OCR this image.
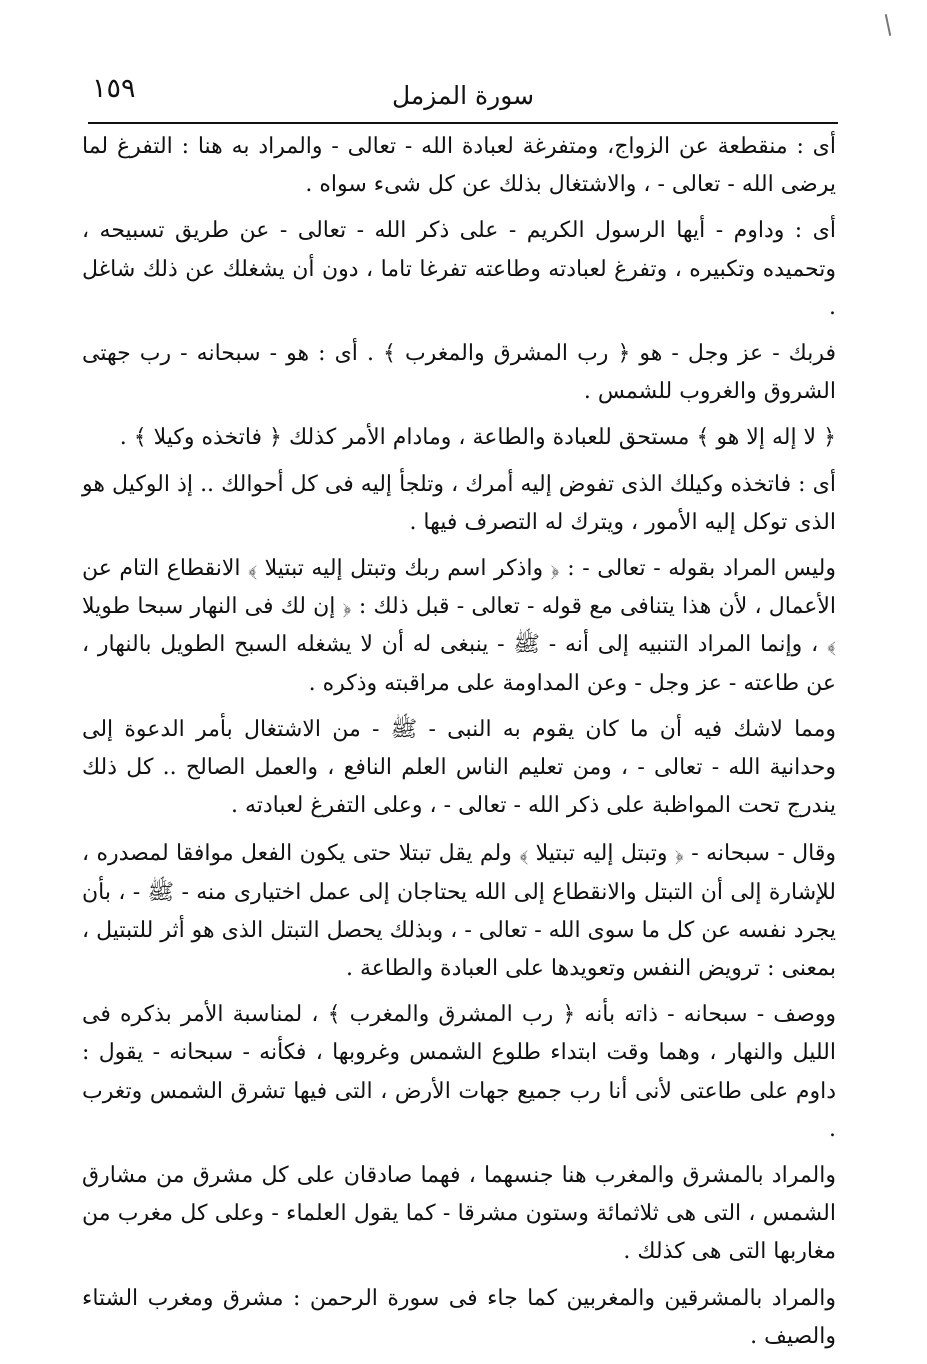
١٥٩	سورة المزمل

أى : منقطعة عن الزواج، ومتفرغة لعبادة الله - تعالى - والمراد به هنا : التفرغ لما يرضى الله - تعالى - ، والاشتغال بذلك عن كل شىء سواه .

أى : وداوم - أيها الرسول الكريم - على ذكر الله - تعالى - عن طريق تسبيحه ، وتحميده وتكبيره ، وتفرغ لعبادته وطاعته تفرغا تاما ، دون أن يشغلك عن ذلك شاغل .

فربك - عز وجل - هو ﴿ رب المشرق والمغرب ﴾ . أى : هو - سبحانه - رب جهتى الشروق والغروب للشمس .

﴿ لا إله إلا هو ﴾ مستحق للعبادة والطاعة ، ومادام الأمر كذلك ﴿ فاتخذه وكيلا ﴾ .

أى : فاتخذه وكيلك الذى تفوض إليه أمرك ، وتلجأ إليه فى كل أحوالك .. إذ الوكيل هو الذى توكل إليه الأمور ، ويترك له التصرف فيها .

وليس المراد بقوله - تعالى - : ﴿ واذكر اسم ربك وتبتل إليه تبتيلا ﴾ الانقطاع التام عن الأعمال ، لأن هذا يتنافى مع قوله - تعالى - قبل ذلك : ﴿ إن لك فى النهار سبحا طويلا ﴾ ، وإنما المراد التنبيه إلى أنه - ﷺ - ينبغى له أن لا يشغله السبح الطويل بالنهار ، عن طاعته - عز وجل - وعن المداومة على مراقبته وذكره .

ومما لاشك فيه أن ما كان يقوم به النبى - ﷺ - من الاشتغال بأمر الدعوة إلى وحدانية الله - تعالى - ، ومن تعليم الناس العلم النافع ، والعمل الصالح .. كل ذلك يندرج تحت المواظبة على ذكر الله - تعالى - ، وعلى التفرغ لعبادته .

وقال - سبحانه - ﴿ وتبتل إليه تبتيلا ﴾ ولم يقل تبتلا حتى يكون الفعل موافقا لمصدره ، للإشارة إلى أن التبتل والانقطاع إلى الله يحتاجان إلى عمل اختيارى منه - ﷺ - ، بأن يجرد نفسه عن كل ما سوى الله - تعالى - ، وبذلك يحصل التبتل الذى هو أثر للتبتيل ، بمعنى : ترويض النفس وتعويدها على العبادة والطاعة .

ووصف - سبحانه - ذاته بأنه ﴿ رب المشرق والمغرب ﴾ ، لمناسبة الأمر بذكره فى الليل والنهار ، وهما وقت ابتداء طلوع الشمس وغروبها ، فكأنه - سبحانه - يقول : داوم على طاعتى لأنى أنا رب جميع جهات الأرض ، التى فيها تشرق الشمس وتغرب .

والمراد بالمشرق والمغرب هنا جنسهما ، فهما صادقان على كل مشرق من مشارق الشمس ، التى هى ثلاثمائة وستون مشرقا - كما يقول العلماء - وعلى كل مغرب من مغاربها التى هى كذلك .

والمراد بالمشرقين والمغربين كما جاء فى سورة الرحمن : مشرق ومغرب الشتاء والصيف .
